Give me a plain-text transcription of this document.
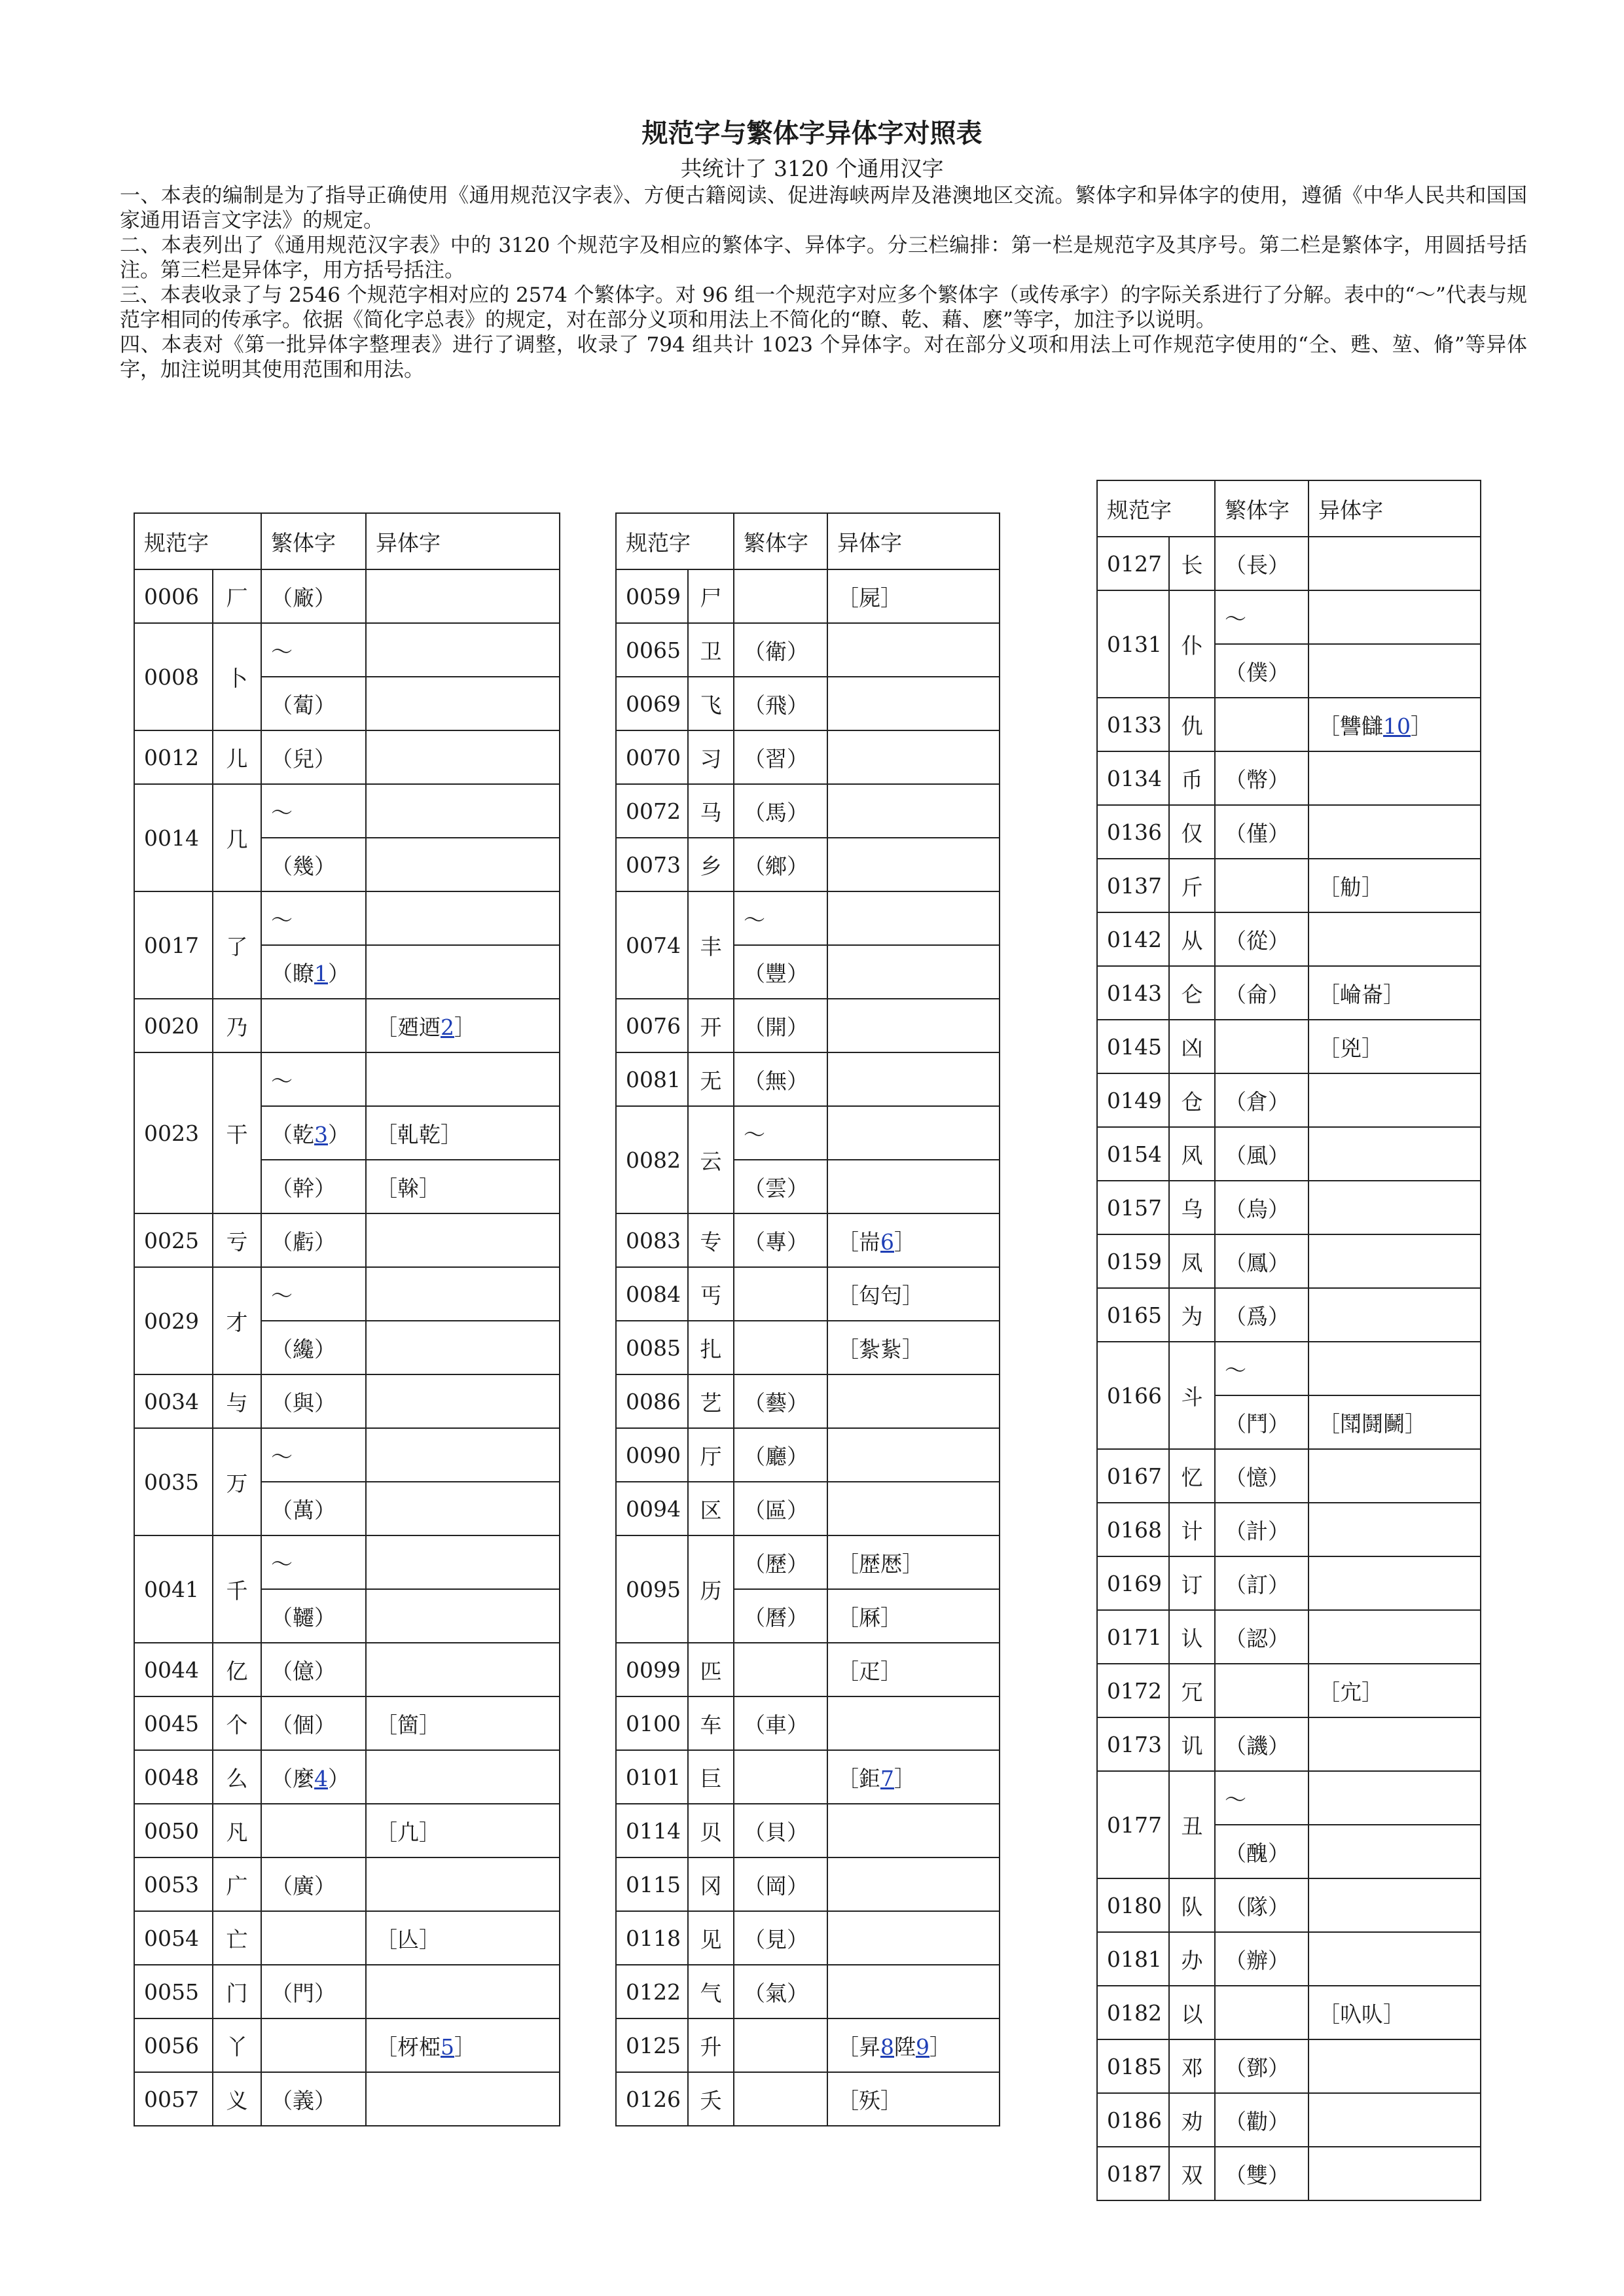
规范字与繁体字异体字对照表

共统计了 3120 个通用汉字

一、本表的编制是为了指导正确使用《通用规范汉字表》、方便古籍阅读、促进海峡两岸及港澳地区交流。繁体字和异体字的使用，遵循《中华人民共和国国家通用语言文字法》的规定。

二、本表列出了《通用规范汉字表》中的 3120 个规范字及相应的繁体字、异体字。分三栏编排：第一栏是规范字及其序号。第二栏是繁体字，用圆括号括注。第三栏是异体字，用方括号括注。

三、本表收录了与 2546 个规范字相对应的 2574 个繁体字。对 96 组一个规范字对应多个繁体字（或传承字）的字际关系进行了分解。表中的“～”代表与规范字相同的传承字。依据《简化字总表》的规定，对在部分义项和用法上不简化的“瞭、乾、藉、麽”等字，加注予以说明。

四、本表对《第一批异体字整理表》进行了调整，收录了 794 组共计 1023 个异体字。对在部分义项和用法上可作规范字使用的“仝、甦、堃、脩”等异体字，加注说明其使用范围和用法。

规范字		繁体字	异体字
0006	厂	（廠）	
0008	卜	～	
		（蔔）	
0012	儿	（兒）	
0014	几	～	
		（幾）	
0017	了	～	
		（瞭1）	
0020	乃		［廼迺2］
0023	干	～	
		（乾3）	［乹乾］
		（幹）	［榦］
0025	亏	（虧）	
0029	才	～	
		（纔）	
0034	与	（與）	
0035	万	～	
		（萬）	
0041	千	～	
		（韆）	
0044	亿	（億）	
0045	个	（個）	［箇］
0048	么	（麼4）	
0050	凡		［凣］
0053	广	（廣）	
0054	亡		［亾］
0055	门	（門）	
0056	丫		［枒椏5］
0057	义	（義）	
规范字		繁体字	异体字
0059	尸		［屍］
0065	卫	（衛）	
0069	飞	（飛）	
0070	习	（習）	
0072	马	（馬）	
0073	乡	（鄉）	
0074	丰	～	
		（豐）	
0076	开	（開）	
0081	无	（無）	
0082	云	～	
		（雲）	
0083	专	（專）	［耑6］
0084	丐		［匃匄］
0085	扎		［紮紥］
0086	艺	（藝）	
0090	厅	（廳）	
0094	区	（區）	
0095	历	（歷）	［歴厯］
		（曆）	［厤］
0099	匹		［疋］
0100	车	（車）	
0101	巨		［鉅7］
0114	贝	（貝）	
0115	冈	（岡）	
0118	见	（見）	
0122	气	（氣）	
0125	升		［昇8陞9］
0126	夭		［殀］
规范字		繁体字	异体字
0127	长	（長）	
0131	仆	～	
		（僕）	
0133	仇		［讐讎10］
0134	币	（幣）	
0136	仅	（僅）	
0137	斤		［觔］
0142	从	（從）	
0143	仑	（侖）	［崘崙］
0145	凶		［兇］
0149	仓	（倉）	
0154	风	（風）	
0157	乌	（烏）	
0159	凤	（鳳）	
0165	为	（爲）	
0166	斗	～	
		（鬥）	［鬦鬪鬭］
0167	忆	（憶）	
0168	计	（計）	
0169	订	（訂）	
0171	认	（認）	
0172	冗		［宂］
0173	讥	（譏）	
0177	丑	～	
		（醜）	
0180	队	（隊）	
0181	办	（辦）	
0182	以		［叺㕥］
0185	邓	（鄧）	
0186	劝	（勸）	
0187	双	（雙）	
